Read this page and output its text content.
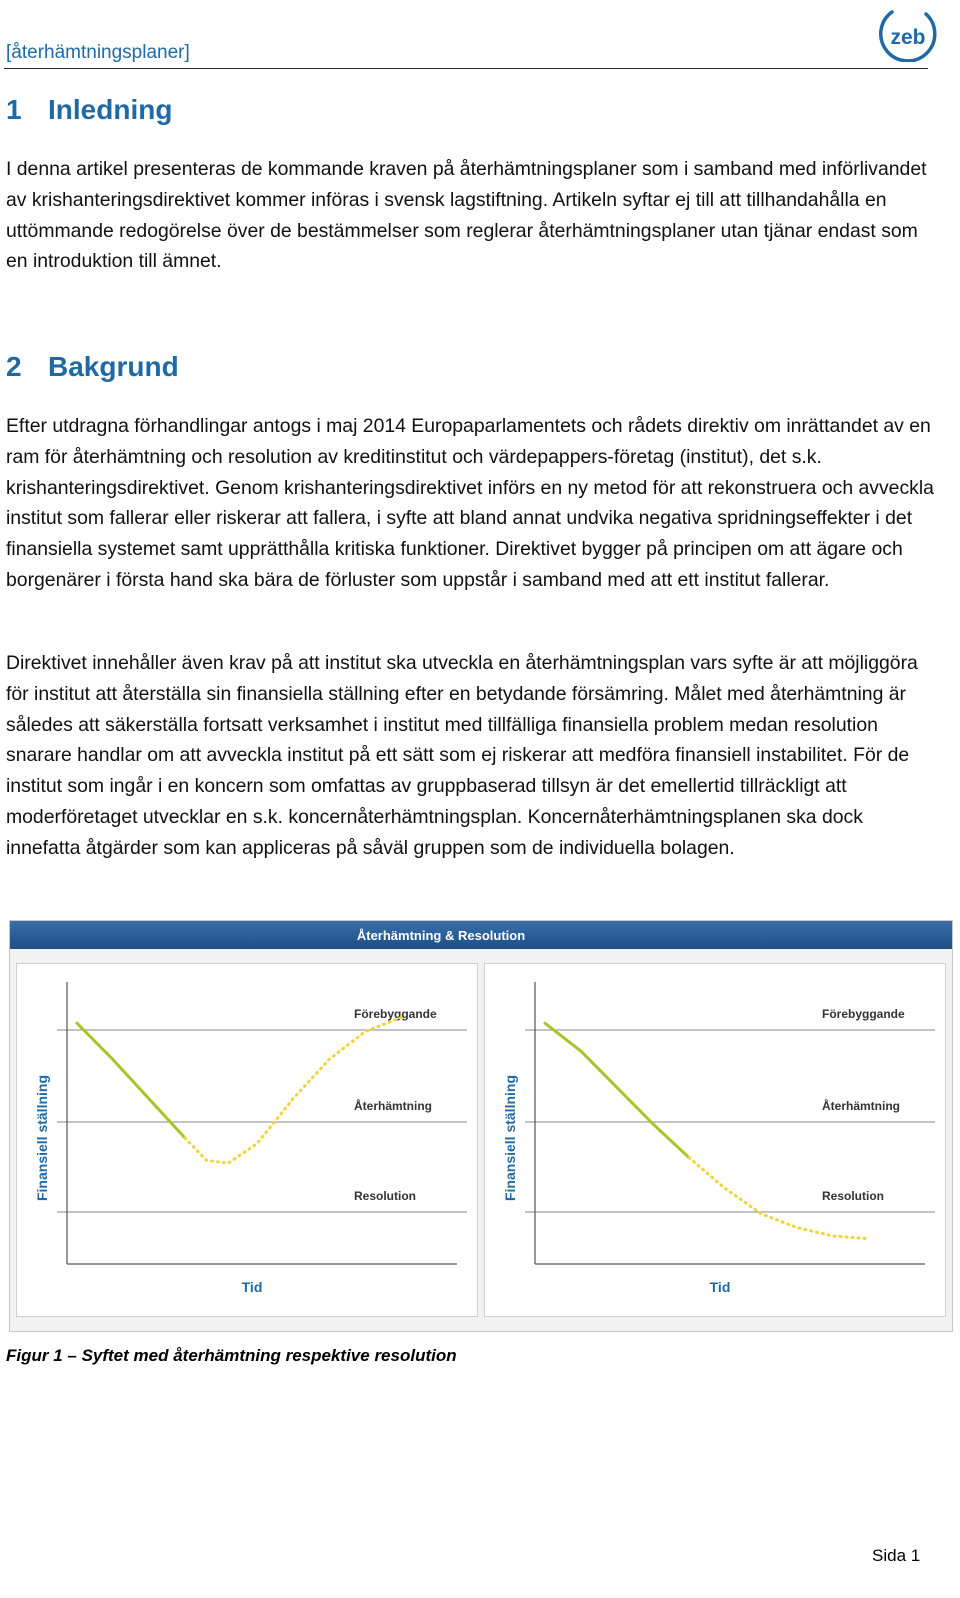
[återhämtningsplaner]
zeb
1 Inledning

I denna artikel presenteras de kommande kraven på återhämtningsplaner som i samband med införlivandet av krishanteringsdirektivet kommer införas i svensk lagstiftning. Artikeln syftar ej till att tillhandahålla en uttömmande redogörelse över de bestämmelser som reglerar återhämtningsplaner utan tjänar endast som en introduktion till ämnet.

2 Bakgrund

Efter utdragna förhandlingar antogs i maj 2014 Europaparlamentets och rådets direktiv om inrättandet av en ram för återhämtning och resolution av kreditinstitut och värdepappers-företag (institut), det s.k. krishanteringsdirektivet. Genom krishanteringsdirektivet införs en ny metod för att rekonstruera och avveckla institut som fallerar eller riskerar att fallera, i syfte att bland annat undvika negativa spridningseffekter i det finansiella systemet samt upprätthålla kritiska funktioner. Direktivet bygger på principen om att ägare och borgenärer i första hand ska bära de förluster som uppstår i samband med att ett institut fallerar.

Direktivet innehåller även krav på att institut ska utveckla en återhämtningsplan vars syfte är att möjliggöra för institut att återställa sin finansiella ställning efter en betydande försämring. Målet med återhämtning är således att säkerställa fortsatt verksamhet i institut med tillfälliga finansiella problem medan resolution snarare handlar om att avveckla institut på ett sätt som ej riskerar att medföra finansiell instabilitet. För de institut som ingår i en koncern som omfattas av gruppbaserad tillsyn är det emellertid tillräckligt att moderföretaget utvecklar en s.k. koncernåterhämtningsplan. Koncernåterhämtningsplanen ska dock innefatta åtgärder som kan appliceras på såväl gruppen som de individuella bolagen.

Återhämtning & Resolution
Förebyggande
Återhämtning
Resolution
Finansiell ställning
Tid
Förebyggande
Återhämtning
Resolution
Finansiell ställning
Tid
Figur 1 – Syftet med återhämtning respektive resolution
Sida 1
